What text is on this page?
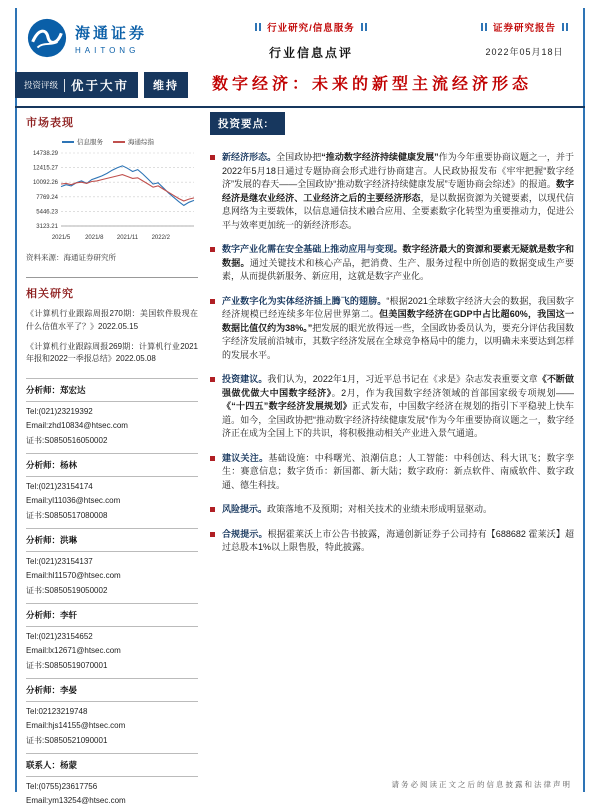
海通证券
HAITONG
行业研究/信息服务
行业信息点评
证券研究报告
2022年05月18日
投资评级 优于大市 维持 数字经济：未来的新型主流经济形态
市场表现
信息服务	海通综指
14738.29
12415.27
10092.26
7769.24
5446.23
3123.21
2021/5 2021/8 2021/11 2022/2
资料来源：海通证券研究所
相关研究
《计算机行业跟踪周报270期：美国软件股现在什么估值水平了？》2022.05.15
《计算机行业跟踪周报269期：计算机行业2021年报和2022一季报总结》2022.05.08
分析师：郑宏达
Tel:(021)23219392
Email:zhd10834@htsec.com
证书:S0850516050002
分析师：杨林
Tel:(021)23154174
Email:yl11036@htsec.com
证书:S0850517080008
分析师：洪琳
Tel:(021)23154137
Email:hl11570@htsec.com
证书:S0850519050002
分析师：李轩
Tel:(021)23154652
Email:lx12671@htsec.com
证书:S0850519070001
分析师：李晏
Tel:02123219748
Email:hjs14155@htsec.com
证书:S0850521090001
联系人：杨蒙
Tel:(0755)23617756
Email:ym13254@htsec.com
投资要点:
新经济形态。全国政协把“推动数字经济持续健康发展”作为今年重要协商议题之一，并于2022年5月18日通过专题协商会形式进行协商建言。人民政协报发布《牢牢把握“数字经济”发展的春天——全国政协“推动数字经济持续健康发展”专题协商会综述》的报道。数字经济是继农业经济、工业经济之后的主要经济形态，是以数据资源为关键要素，以现代信息网络为主要载体，以信息通信技术融合应用、全要素数字化转型为重要推动力，促进公平与效率更加统一的新经济形态。
数字产业化需在安全基础上推动应用与变现。数字经济最大的资源和要素无疑就是数字和数据。通过关键技术和核心产品，把消费、生产、服务过程中所创造的数据变成生产要素，从而提供新服务、新应用，这就是数字产业化。
产业数字化为实体经济插上腾飞的翅膀。“根据2021全球数字经济大会的数据，我国数字经济规模已经连续多年位居世界第二。但美国数字经济在GDP中占比超60%，我国这一数据比值仅约为38%。”把发展的眼光放得远一些，全国政协委员认为，要充分评估我国数字经济发展前沿城市，其数字经济发展在全球竞争格局中的能力，以明确未来要达到怎样的发展水平。
投资建议。我们认为，2022年1月，习近平总书记在《求是》杂志发表重要文章《不断做强做优做大中国数字经济》。2月，作为我国数字经济领域的首部国家级专项规划——《“十四五”数字经济发展规划》正式发布，中国数字经济在规划的指引下平稳驶上快车道。如今，全国政协把“推动数字经济持续健康发展”作为今年重要协商议题之一，数字经济正在成为全国上下的共识，将积极推动相关产业进入景气通道。
建议关注。基础设施：中科曙光、浪潮信息；人工智能：中科创达、科大讯飞；数字孪生：赛意信息；数字货币：新国都、新大陆；数字政府：新点软件、南威软件、数字政通、德生科技。
风险提示。政策落地不及预期；对相关技术的业绩未形成明显驱动。
合规提示。根据霍莱沃上市公告书披露，海通创新证券子公司持有【688682 霍莱沃】超过总股本1%以上限售股，特此披露。
请务必阅读正文之后的信息披露和法律声明
